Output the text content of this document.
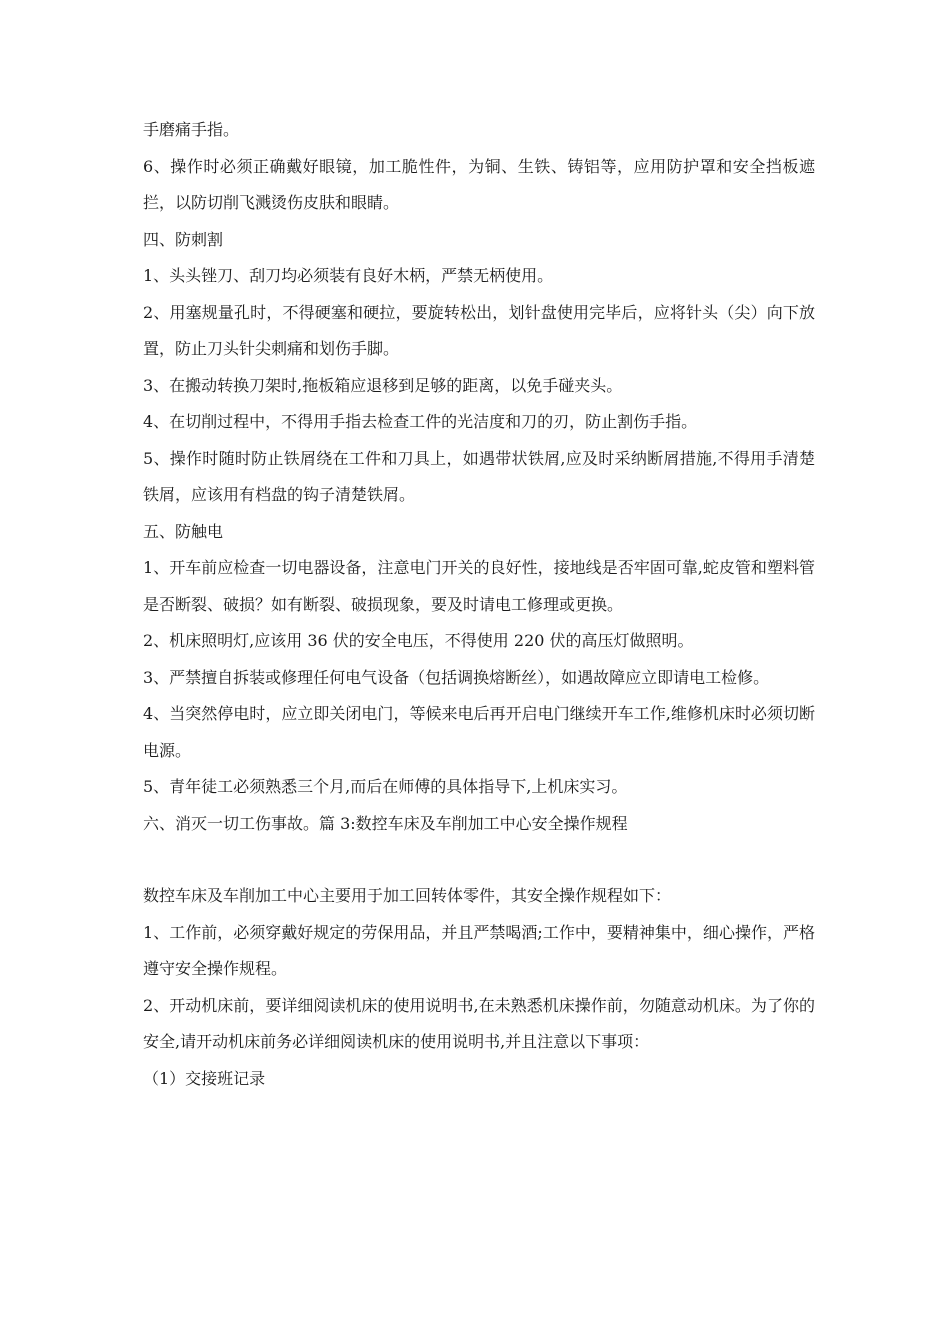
手磨痛手指。

6、操作时必须正确戴好眼镜，加工脆性件，为铜、生铁、铸铝等，应用防护罩和安全挡板遮拦，以防切削飞溅烫伤皮肤和眼睛。

四、防刺割

1、头头锉刀、刮刀均必须装有良好木柄，严禁无柄使用。

2、用塞规量孔时，不得硬塞和硬拉，要旋转松出，划针盘使用完毕后，应将针头（尖）向下放置，防止刀头针尖刺痛和划伤手脚。

3、在搬动转换刀架时,拖板箱应退移到足够的距离，以免手碰夹头。

4、在切削过程中，不得用手指去检查工件的光洁度和刀的刃，防止割伤手指。

5、操作时随时防止铁屑绕在工件和刀具上，如遇带状铁屑,应及时采纳断屑措施,不得用手清楚铁屑，应该用有档盘的钩子清楚铁屑。

五、防触电

1、开车前应检查一切电器设备，注意电门开关的良好性，接地线是否牢固可靠,蛇皮管和塑料管是否断裂、破损？如有断裂、破损现象，要及时请电工修理或更换。

2、机床照明灯,应该用 36 伏的安全电压，不得使用 220 伏的高压灯做照明。

3、严禁擅自拆装或修理任何电气设备（包括调换熔断丝），如遇故障应立即请电工检修。

4、当突然停电时，应立即关闭电门，等候来电后再开启电门继续开车工作,维修机床时必须切断电源。

5、青年徒工必须熟悉三个月,而后在师傅的具体指导下,上机床实习。

六、消灭一切工伤事故。篇 3:数控车床及车削加工中心安全操作规程

数控车床及车削加工中心主要用于加工回转体零件，其安全操作规程如下：

1、工作前，必须穿戴好规定的劳保用品，并且严禁喝酒;工作中，要精神集中，细心操作，严格遵守安全操作规程。

2、开动机床前，要详细阅读机床的使用说明书,在未熟悉机床操作前，勿随意动机床。为了你的安全,请开动机床前务必详细阅读机床的使用说明书,并且注意以下事项：

（1）交接班记录
